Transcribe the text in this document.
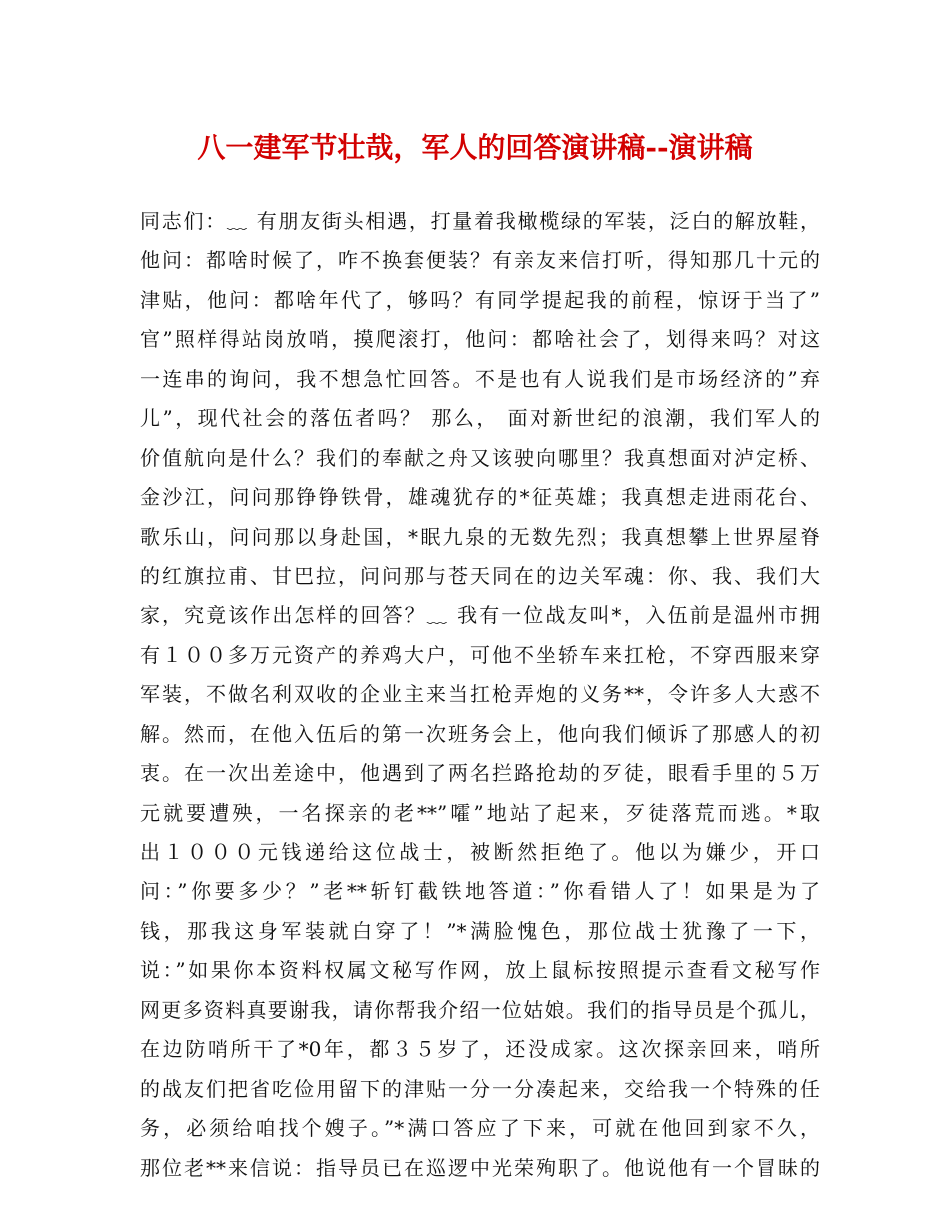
八一建军节壮哉，军人的回答演讲稿--演讲稿
同志们：﹏ 有朋友街头相遇，打量着我橄榄绿的军装，泛白的解放鞋，
他问：都啥时候了，咋不换套便装？有亲友来信打听，得知那几十元的
津贴，他问：都啥年代了，够吗？有同学提起我的前程，惊讶于当了”
官”照样得站岗放哨，摸爬滚打，他问：都啥社会了，划得来吗？对这
一连串的询问，我不想急忙回答。不是也有人说我们是市场经济的”弃
儿”，现代社会的落伍者吗？ 那么， 面对新世纪的浪潮，我们军人的
价值航向是什么？我们的奉献之舟又该驶向哪里？我真想面对泸定桥、
金沙江，问问那铮铮铁骨，雄魂犹存的*征英雄；我真想走进雨花台、
歌乐山，问问那以身赴国，*眠九泉的无数先烈；我真想攀上世界屋脊
的红旗拉甫、甘巴拉，问问那与苍天同在的边关军魂：你、我、我们大
家，究竟该作出怎样的回答？﹏ 我有一位战友叫*，入伍前是温州市拥
有１００多万元资产的养鸡大户，可他不坐轿车来扛枪，不穿西服来穿
军装，不做名利双收的企业主来当扛枪弄炮的义务**，令许多人大惑不
解。然而，在他入伍后的第一次班务会上，他向我们倾诉了那感人的初
衷。在一次出差途中，他遇到了两名拦路抢劫的歹徒，眼看手里的５万
元就要遭殃，一名探亲的老**”嚯”地站了起来，歹徒落荒而逃。*取
出１０００元钱递给这位战士，被断然拒绝了。他以为嫌少，开口
问：”你要多少？”老**斩钉截铁地答道：”你看错人了！如果是为了
钱，那我这身军装就白穿了！”*满脸愧色，那位战士犹豫了一下，
说：”如果你本资料权属文秘写作网，放上鼠标按照提示查看文秘写作
网更多资料真要谢我，请你帮我介绍一位姑娘。我们的指导员是个孤儿，
在边防哨所干了*0年，都３５岁了，还没成家。这次探亲回来，哨所
的战友们把省吃俭用留下的津贴一分一分凑起来，交给我一个特殊的任
务，必须给咱找个嫂子。”*满口答应了下来，可就在他回到家不久，
那位老**来信说：指导员已在巡逻中光荣殉职了。他说他有一个冒昧的
